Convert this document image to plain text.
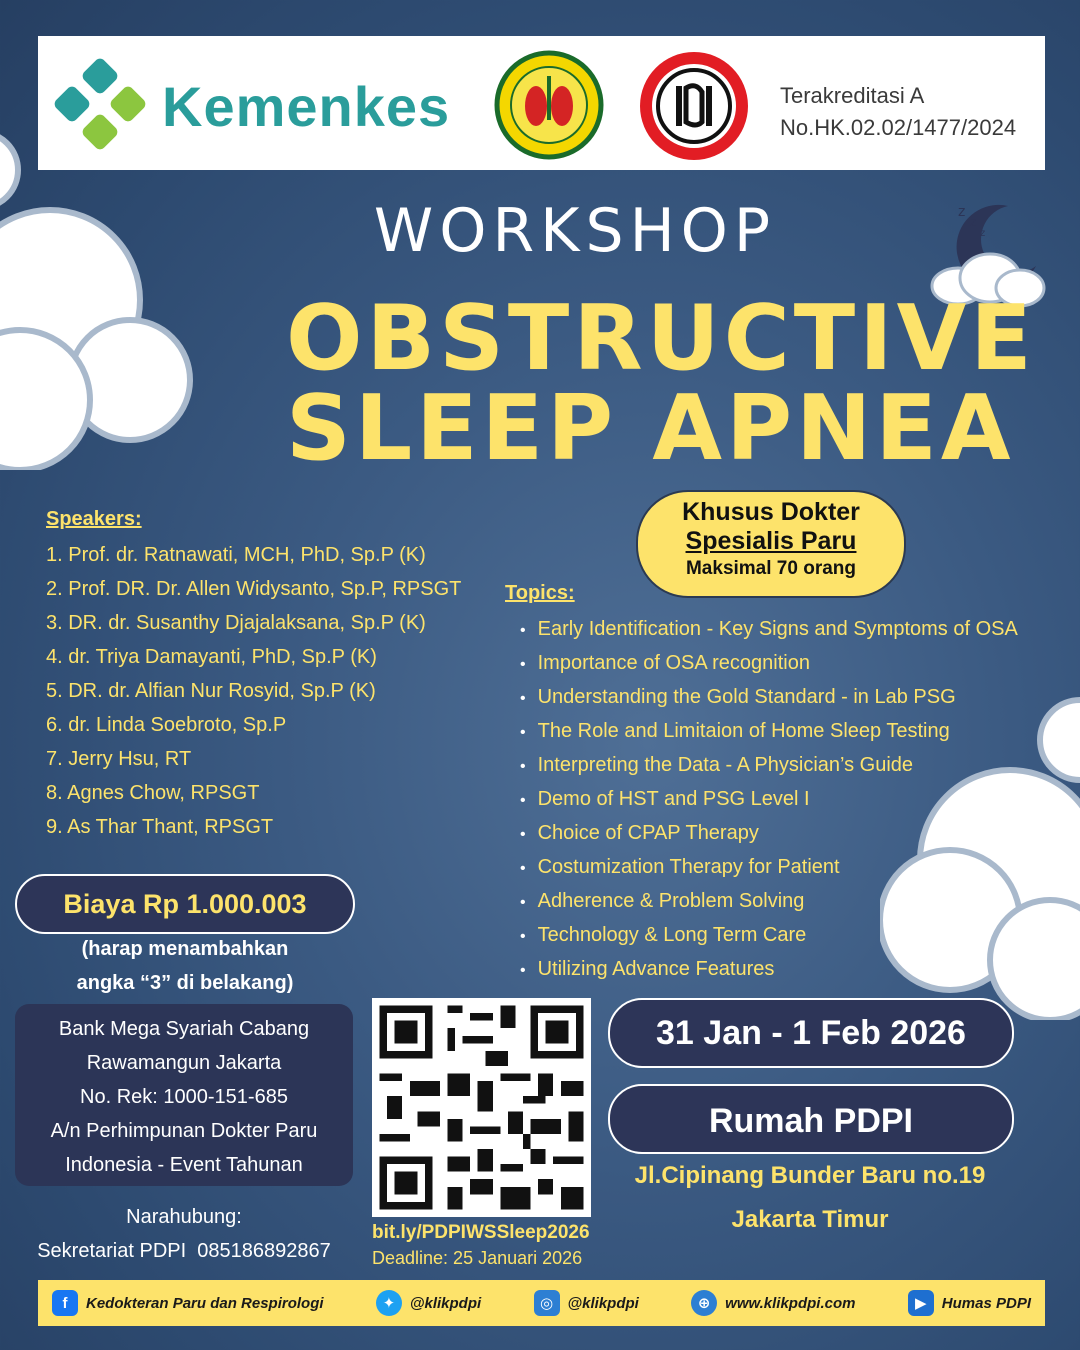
z
z
z
Kemenkes	Terakreditasi A
No.HK.02.02/1477/2024
WORKSHOP
OBSTRUCTIVE
SLEEP APNEA
Khusus Dokter
Spesialis Paru
Maksimal 70 orang
Speakers:
1. Prof. dr. Ratnawati, MCH, PhD, Sp.P (K)
2. Prof. DR. Dr. Allen Widysanto, Sp.P, RPSGT
3. DR. dr. Susanthy Djajalaksana, Sp.P (K)
4. dr. Triya Damayanti, PhD, Sp.P (K)
5. DR. dr. Alfian Nur Rosyid, Sp.P (K)
6. dr. Linda Soebroto, Sp.P
7. Jerry Hsu, RT
8. Agnes Chow, RPSGT
9. As Thar Thant, RPSGT
Topics:
• Early Identification - Key Signs and Symptoms of OSA
• Importance of OSA recognition
• Understanding the Gold Standard - in Lab PSG
• The Role and Limitaion of Home Sleep Testing
• Interpreting the Data - A Physician’s Guide
• Demo of HST and PSG Level I
• Choice of CPAP Therapy
• Costumization Therapy for Patient
• Adherence & Problem Solving
• Technology & Long Term Care
• Utilizing Advance Features
Biaya Rp 1.000.003
(harap menambahkan
angka “3” di belakang)
Bank Mega Syariah Cabang
Rawamangun Jakarta
No. Rek: 1000-151-685
A/n Perhimpunan Dokter Paru
Indonesia - Event Tahunan
Narahubung:
Sekretariat PDPI  085186892867
bit.ly/PDPIWSSleep2026
Deadline: 25 Januari 2026
31 Jan - 1 Feb 2026
Rumah PDPI
Jl.Cipinang Bunder Baru no.19
Jakarta Timur
f	Kedokteran Paru dan Respirologi	✦ @klikpdpi	◎ @klikpdpi	⊕ www.klikpdpi.com	▶	Humas PDPI
